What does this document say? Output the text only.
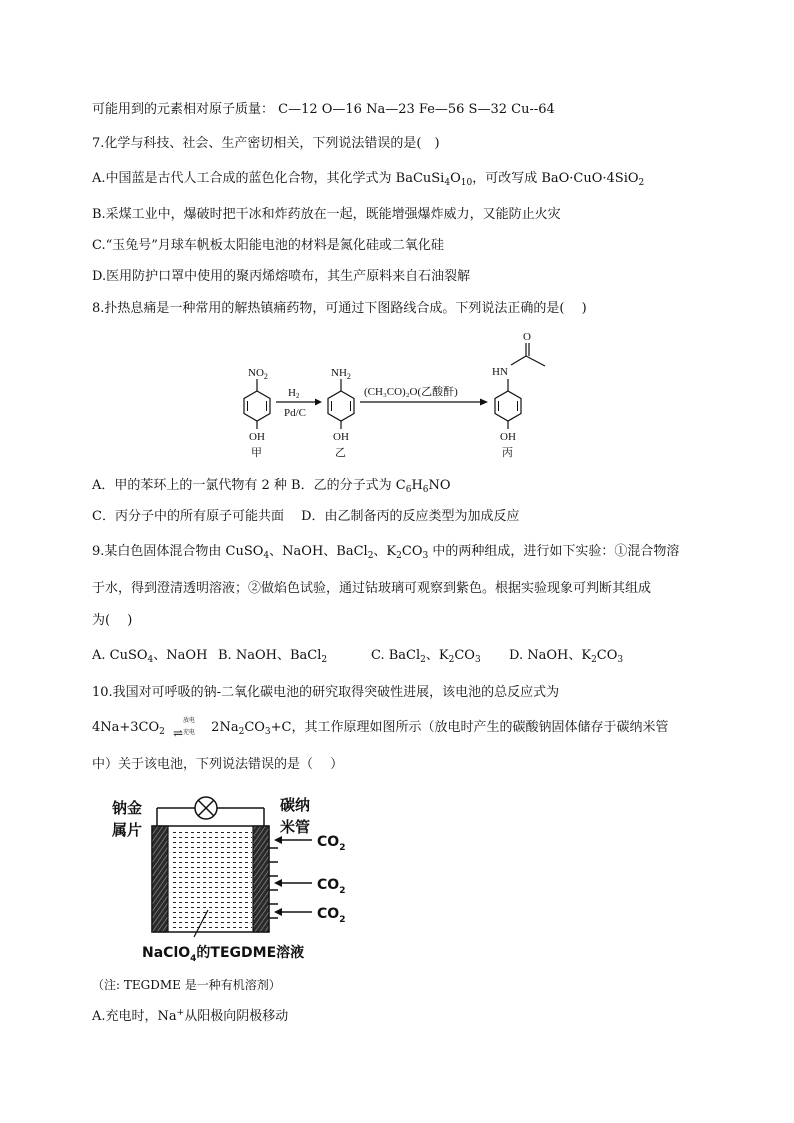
可能用到的元素相对原子质量： C—12 O—16 Na—23 Fe—56 S—32 Cu--64
7.化学与科技、社会、生产密切相关，下列说法错误的是(　)
A.中国蓝是古代人工合成的蓝色化合物，其化学式为 $BaCuSi_4O_{10}$，可改写成 BaO·CuO·4SiO$_2$
B.采煤工业中，爆破时把干冰和炸药放在一起，既能增强爆炸威力，又能防止火灾
C.“玉兔号”月球车帆板太阳能电池的材料是氮化硅或二氧化硅
D.医用防护口罩中使用的聚丙烯熔喷布，其生产原料来自石油裂解
8.扑热息痛是一种常用的解热镇痛药物，可通过下图路线合成。下列说法正确的是(　 )
$NO_2$
OH
甲
H2
Pd/C
$NH_2$
OH
乙
(CH₃CO)₂O(乙酸酐)
HN
O
OH
丙
A．甲的苯环上的一氯代物有 2 种 B．乙的分子式为 $C_6H_6NO$
C．丙分子中的所有原子可能共面　 D．由乙制备丙的反应类型为加成反应
9.某白色固体混合物由 CuSO$_4$、NaOH、BaCl$_2$、$K_2CO_3$ 中的两种组成，进行如下实验：①混合物溶
于水，得到澄清透明溶液；②做焰色试验，通过钴玻璃可观察到紫色。根据实验现象可判断其组成
为(　 )
A. CuSO$_4$、NaOH B. NaOH、BaCl$_2$	C. BaCl$_2$、$K_2CO_3$ D. NaOH、$K_2CO_3$
10.我国对可呼吸的钠-二氧化碳电池的研究取得突破性进展，该电池的总反应式为
$4Na+3CO_2$ ⇌
放电
充电 $2Na_2CO_3+C$，其工作原理如图所示（放电时产生的碳酸钠固体储存于碳纳米管
中）关于该电池，下列说法错误的是（　 ）
钠金
属片
碳纳
米管
$CO_2$
$CO_2$
$CO_2$
NaClO$_4$的TEGDME溶液
（注: TEGDME 是一种有机溶剂）
A.充电时，Na+从阳极向阴极移动
